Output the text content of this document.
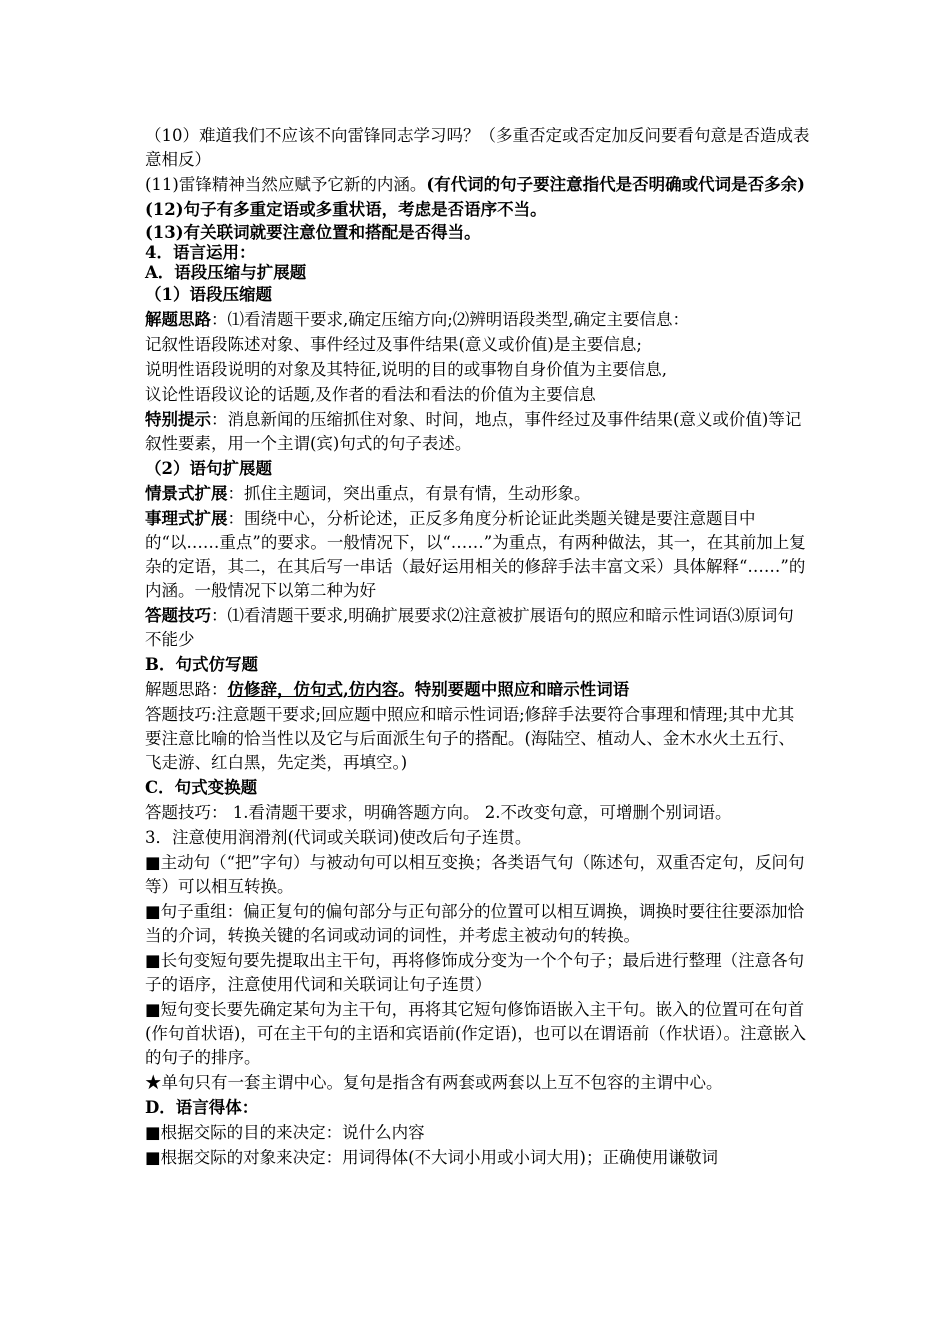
（10）难道我们不应该不向雷锋同志学习吗？（多重否定或否定加反问要看句意是否造成表意相反）

(11)雷锋精神当然应赋予它新的内涵。(有代词的句子要注意指代是否明确或代词是否多余)

(12)句子有多重定语或多重状语，考虑是否语序不当。

(13)有关联词就要注意位置和搭配是否得当。

4．语言运用：

A．语段压缩与扩展题

（1）语段压缩题

解题思路：⑴看清题干要求,确定压缩方向;⑵辨明语段类型,确定主要信息：

记叙性语段陈述对象、事件经过及事件结果(意义或价值)是主要信息;

说明性语段说明的对象及其特征,说明的目的或事物自身价值为主要信息,

议论性语段议论的话题,及作者的看法和看法的价值为主要信息

特别提示：消息新闻的压缩抓住对象、时间，地点，事件经过及事件结果(意义或价值)等记叙性要素，用一个主谓(宾)句式的句子表述。

（2）语句扩展题

情景式扩展：抓住主题词，突出重点，有景有情，生动形象。

事理式扩展：围绕中心，分析论述，正反多角度分析论证此类题关键是要注意题目中的“以……重点”的要求。一般情况下，以“……”为重点，有两种做法，其一，在其前加上复杂的定语，其二，在其后写一串话（最好运用相关的修辞手法丰富文采）具体解释“……”的内涵。一般情况下以第二种为好

答题技巧：⑴看清题干要求,明确扩展要求⑵注意被扩展语句的照应和暗示性词语⑶原词句不能少

B．句式仿写题

解题思路：仿修辞，仿句式,仿内容。特别要题中照应和暗示性词语

答题技巧:注意题干要求;回应题中照应和暗示性词语;修辞手法要符合事理和情理;其中尤其要注意比喻的恰当性以及它与后面派生句子的搭配。(海陆空、植动人、金木水火土五行、飞走游、红白黑，先定类，再填空。)

C．句式变换题

答题技巧： 1.看清题干要求，明确答题方向。 2.不改变句意，可增删个别词语。

3．注意使用润滑剂(代词或关联词)使改后句子连贯。

■主动句（“把”字句）与被动句可以相互变换；各类语气句（陈述句，双重否定句，反问句等）可以相互转换。

■句子重组：偏正复句的偏句部分与正句部分的位置可以相互调换，调换时要往往要添加恰当的介词，转换关键的名词或动词的词性，并考虑主被动句的转换。

■长句变短句要先提取出主干句，再将修饰成分变为一个个句子；最后进行整理（注意各句子的语序，注意使用代词和关联词让句子连贯）

■短句变长要先确定某句为主干句，再将其它短句修饰语嵌入主干句。嵌入的位置可在句首(作句首状语)，可在主干句的主语和宾语前(作定语)，也可以在谓语前（作状语）。注意嵌入的句子的排序。

★单句只有一套主谓中心。复句是指含有两套或两套以上互不包容的主谓中心。

D．语言得体：

■根据交际的目的来决定：说什么内容

■根据交际的对象来决定：用词得体(不大词小用或小词大用)；正确使用谦敬词
